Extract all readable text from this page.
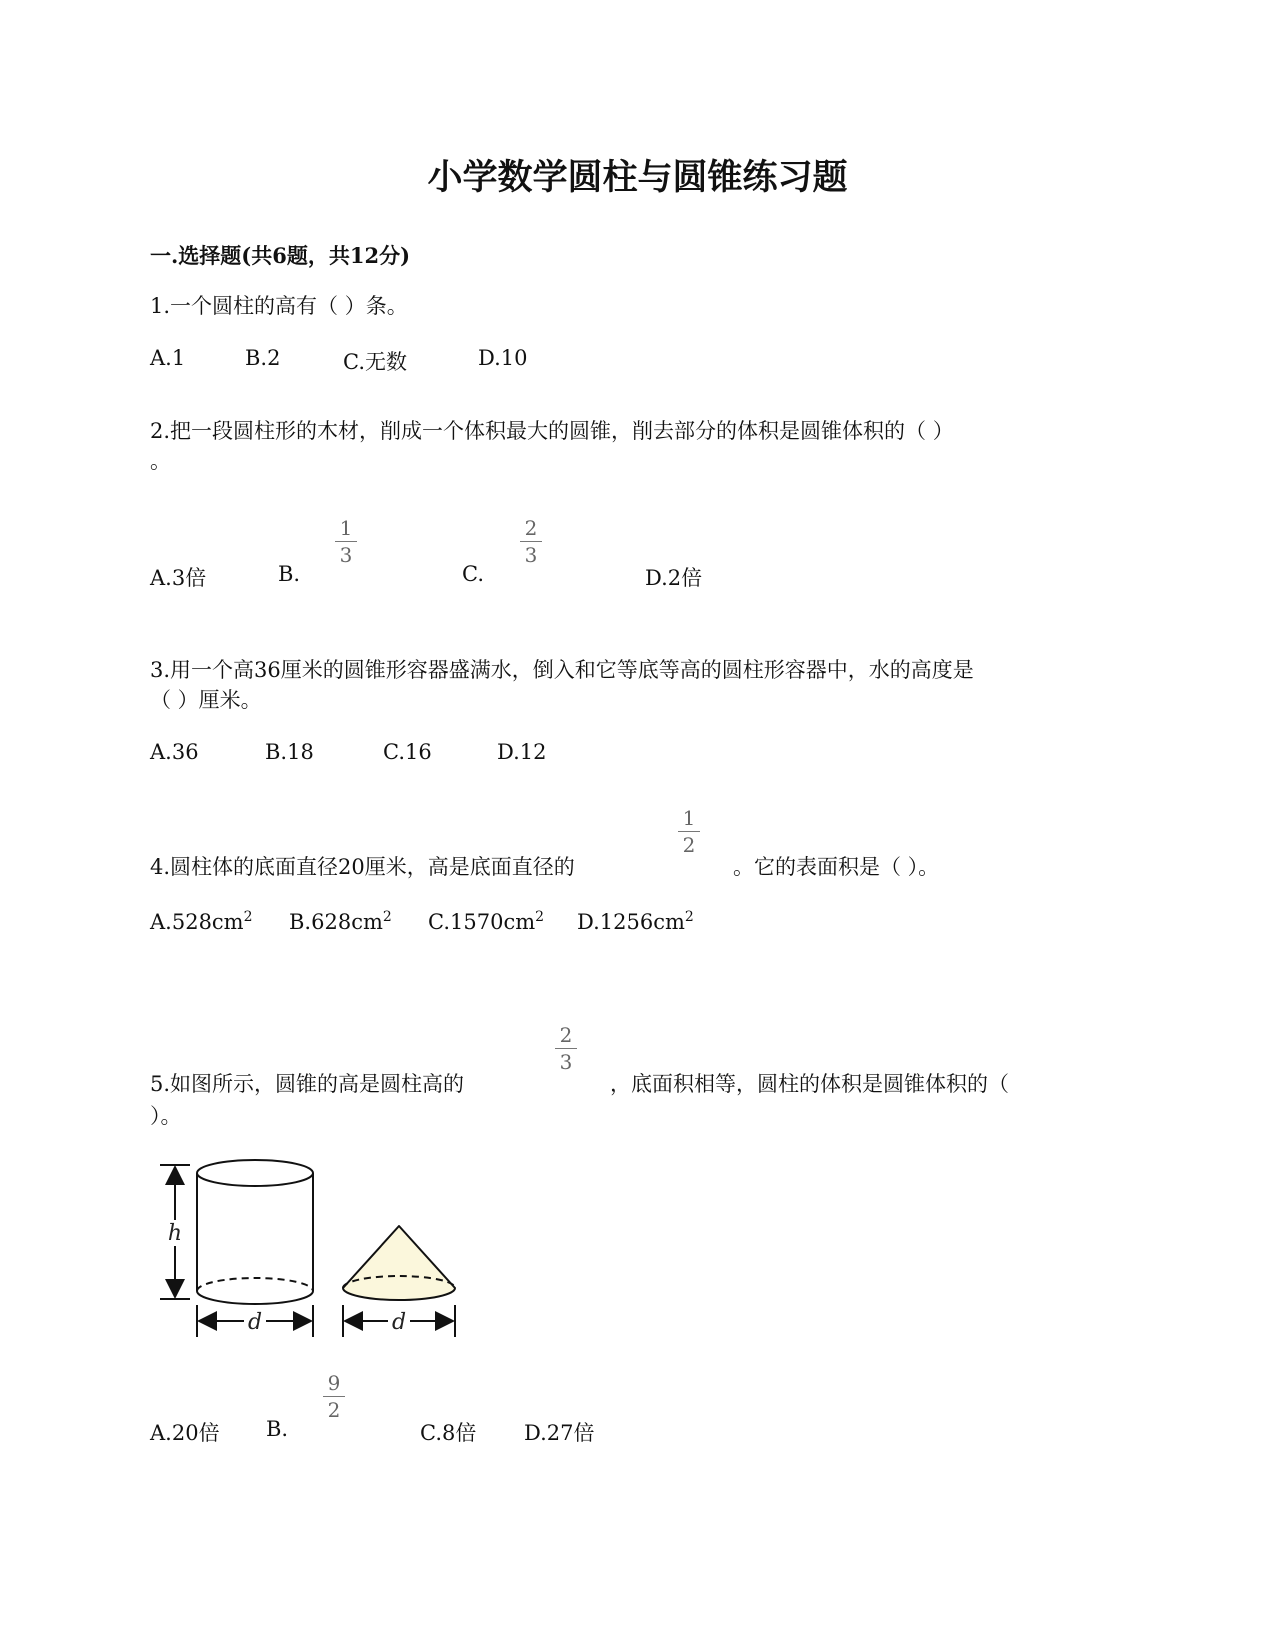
小学数学圆柱与圆锥练习题
一.选择题(共6题，共12分)
1.一个圆柱的高有（ ）条。
A.1	B.2	C.无数	D.10
2.把一段圆柱形的木材，削成一个体积最大的圆锥，削去部分的体积是圆锥体积的（ ）
。
A.3倍	B.
1
3
C.
2
3
D.2倍
3.用一个高36厘米的圆锥形容器盛满水，倒入和它等底等高的圆柱形容器中，水的高度是
（ ）厘米。
A.36	B.18	C.16	D.12
4.圆柱体的底面直径20厘米，高是底面直径的
1
2
。它的表面积是（ ）。
$A.528cm^2$ $B.628cm^2$ $C.1570cm^2$ $D.1256cm^2$
5.如图所示，圆锥的高是圆柱高的
2
3
，底面积相等，圆柱的体积是圆锥体积的（
）。
h
d	d
A.20倍 B.
9
2
C.8倍 D.27倍
